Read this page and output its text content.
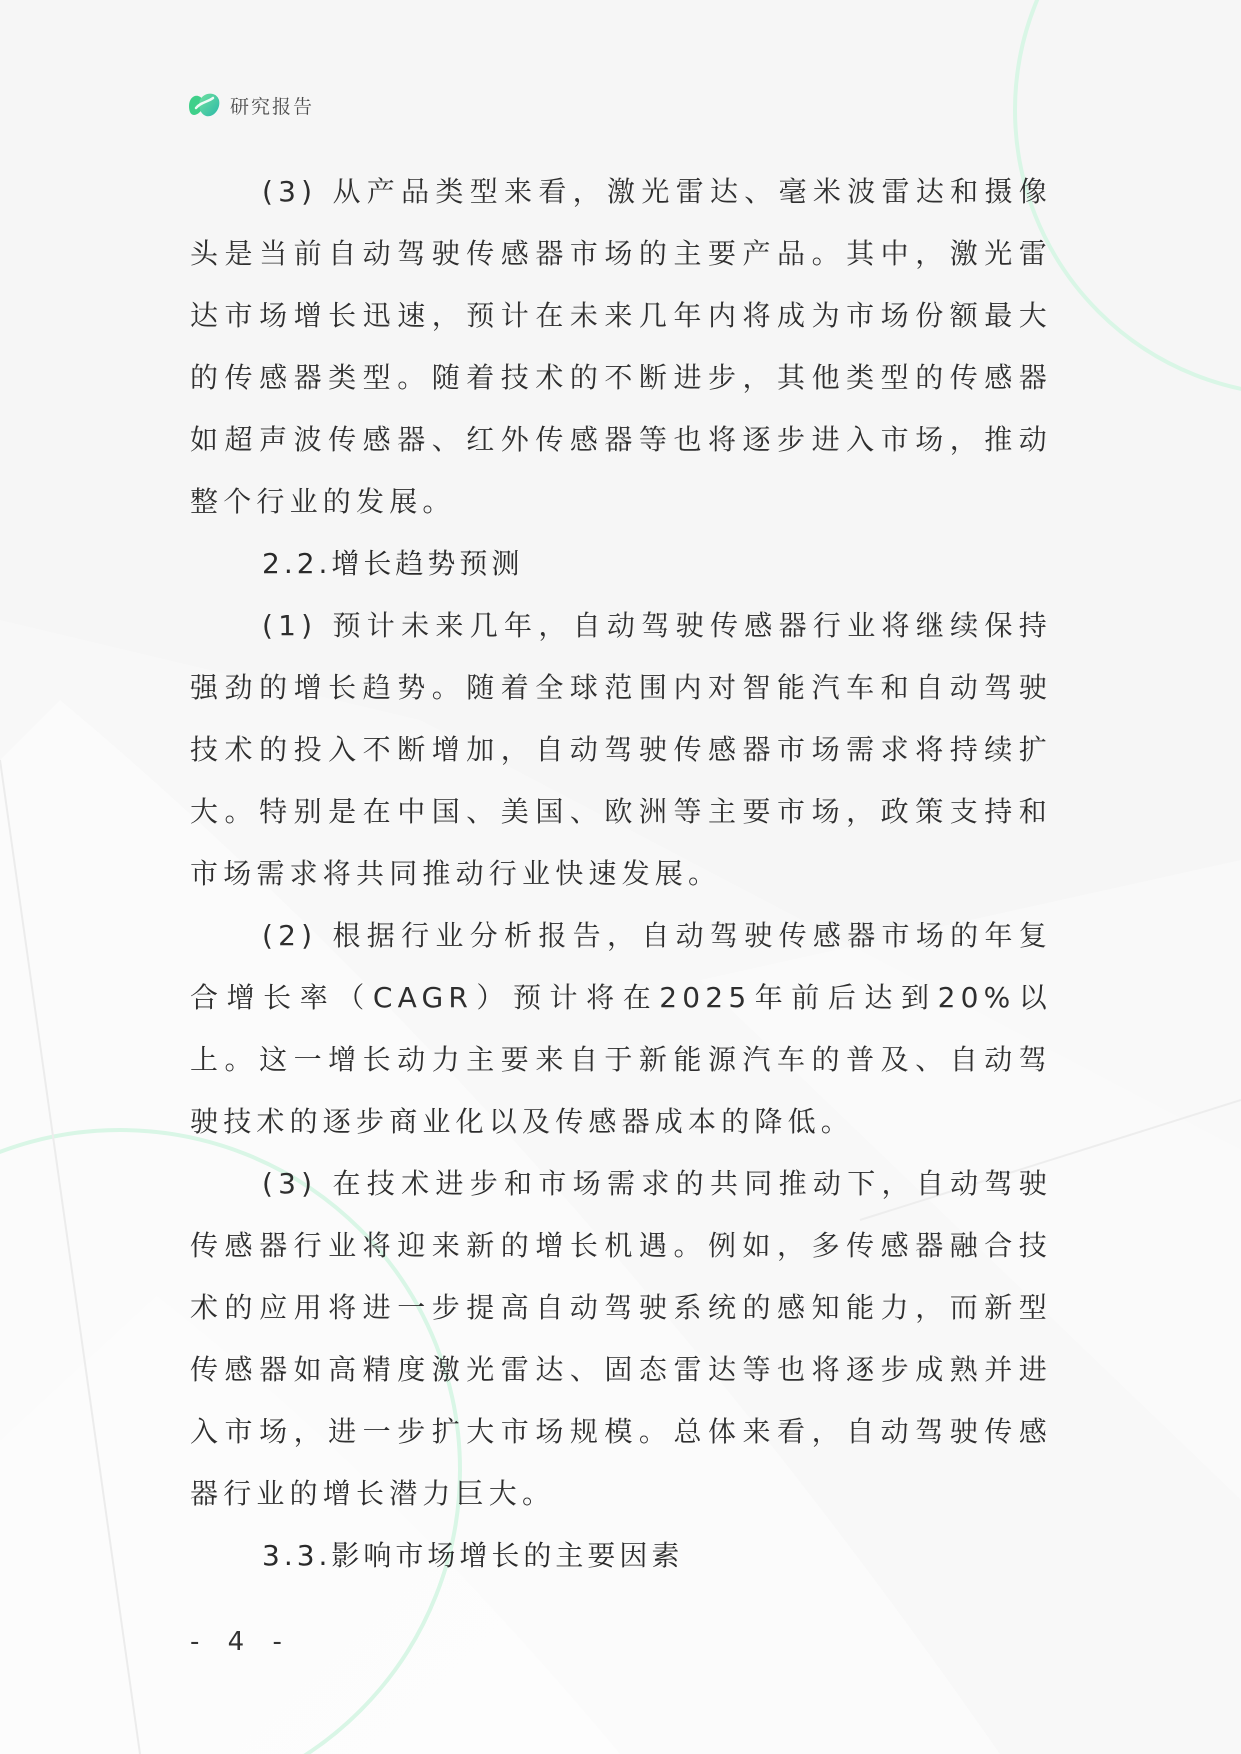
研究报告

(3) 从产品类型来看，激光雷达、毫米波雷达和摄像头是当前自动驾驶传感器市场的主要产品。其中，激光雷达市场增长迅速，预计在未来几年内将成为市场份额最大的传感器类型。随着技术的不断进步，其他类型的传感器如超声波传感器、红外传感器等也将逐步进入市场，推动整个行业的发展。

2.2.增长趋势预测

(1) 预计未来几年，自动驾驶传感器行业将继续保持强劲的增长趋势。随着全球范围内对智能汽车和自动驾驶技术的投入不断增加，自动驾驶传感器市场需求将持续扩大。特别是在中国、美国、欧洲等主要市场，政策支持和市场需求将共同推动行业快速发展。

(2) 根据行业分析报告，自动驾驶传感器市场的年复合增长率（CAGR）预计将在2025年前后达到20%以上。这一增长动力主要来自于新能源汽车的普及、自动驾驶技术的逐步商业化以及传感器成本的降低。

(3) 在技术进步和市场需求的共同推动下，自动驾驶传感器行业将迎来新的增长机遇。例如，多传感器融合技术的应用将进一步提高自动驾驶系统的感知能力，而新型传感器如高精度激光雷达、固态雷达等也将逐步成熟并进入市场，进一步扩大市场规模。总体来看，自动驾驶传感器行业的增长潜力巨大。

3.3.影响市场增长的主要因素

- 4 -
